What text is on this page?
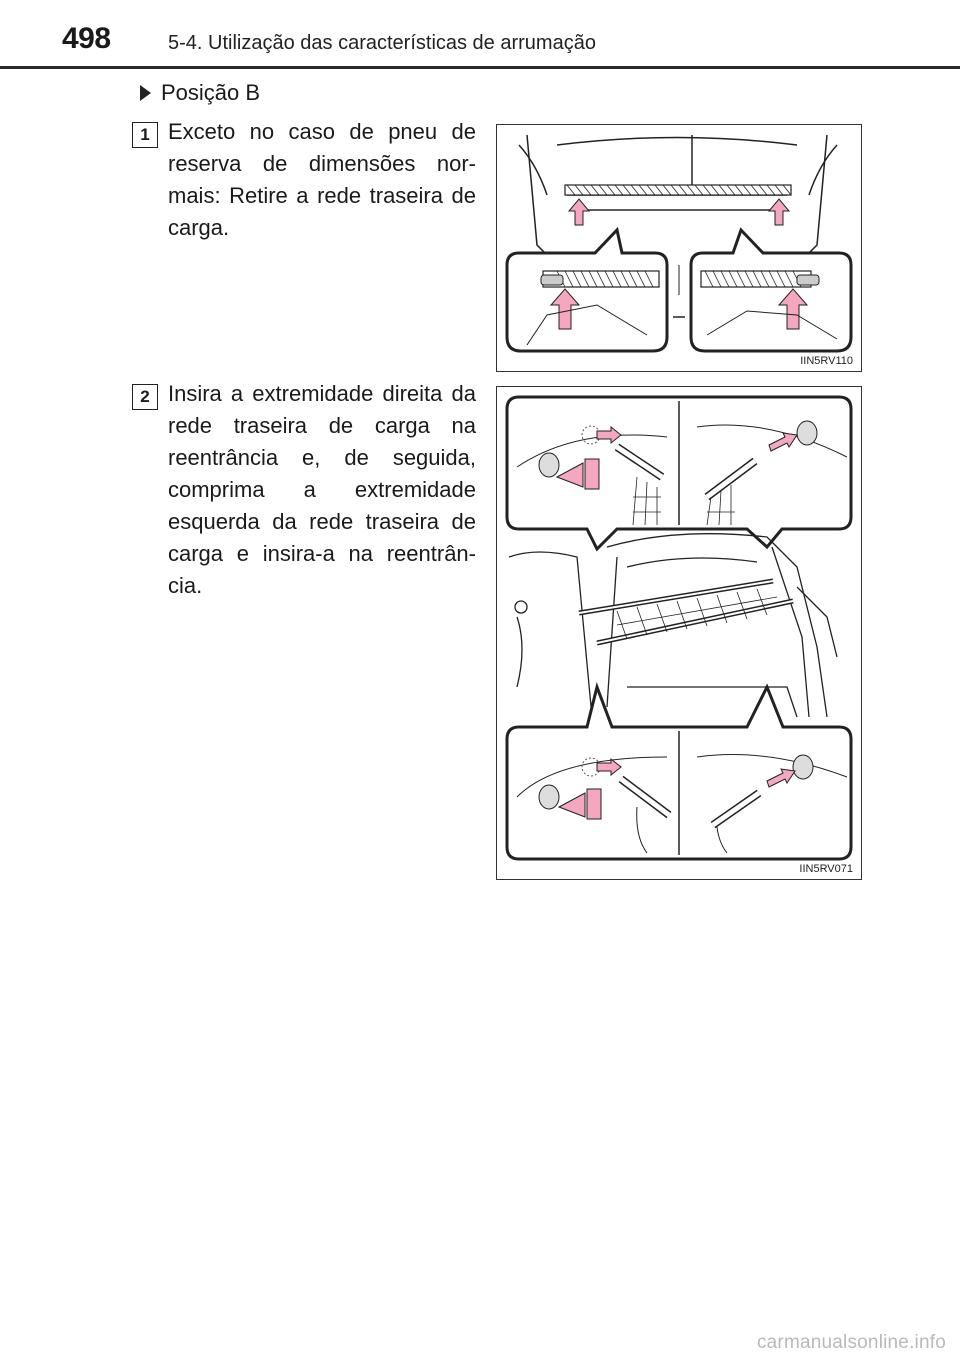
498	5-4. Utilização das características de arrumação
Posição B
1 Exceto no caso de pneu de reserva de dimensões nor-mais: Retire a rede traseira de carga.
IIN5RV110
2 Insira a extremidade direita da rede traseira de carga na reentrância e, de seguida, comprima a extremidade esquerda da rede traseira de carga e insira-a na reentrân-cia.
IIN5RV071
carmanualsonline.info
